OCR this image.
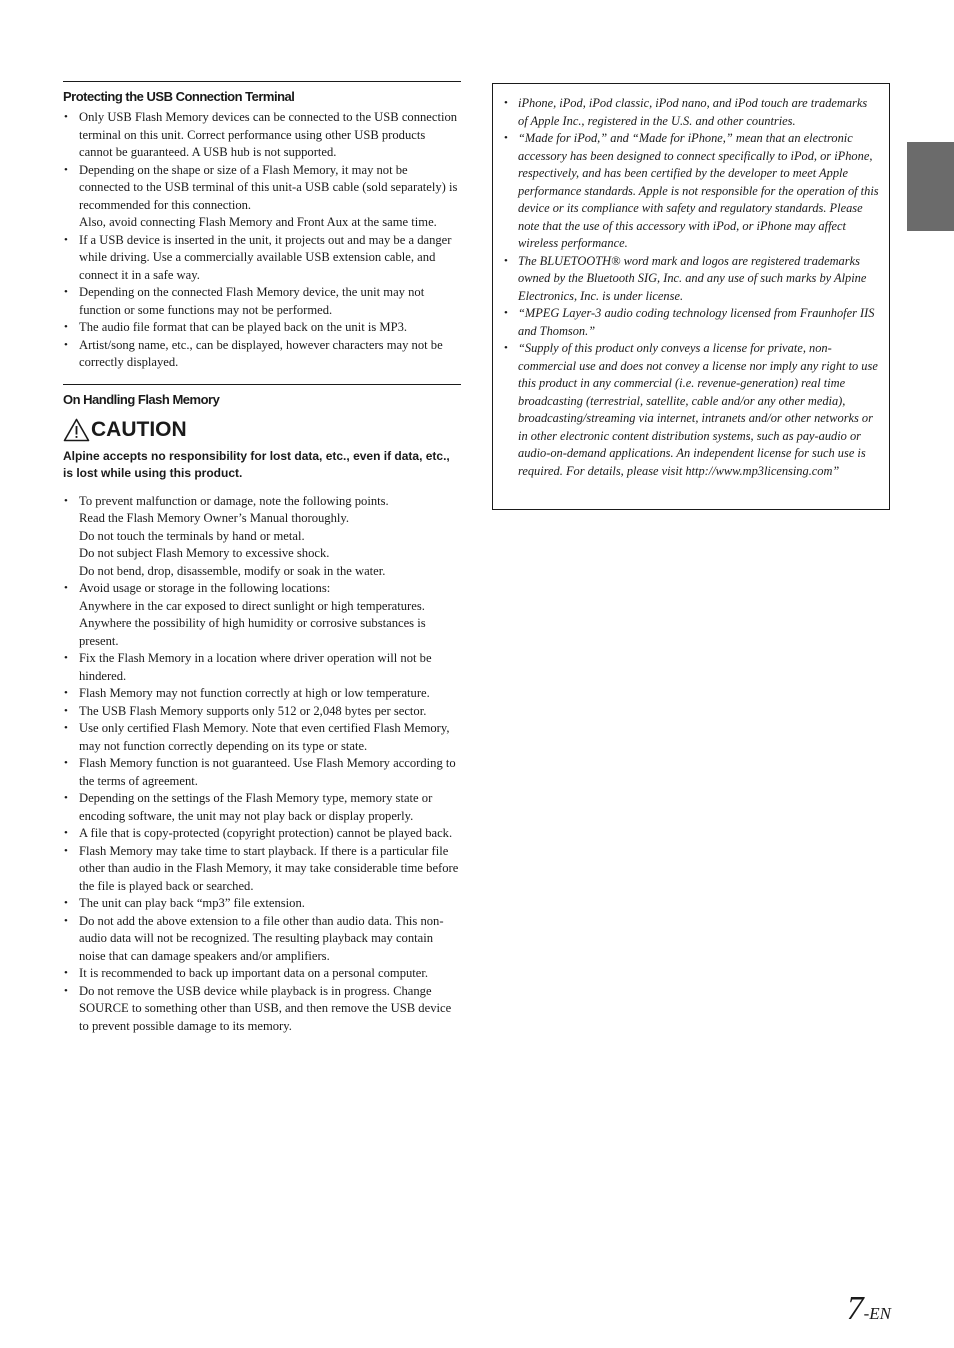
Protecting the USB Connection Terminal
• Only USB Flash Memory devices can be connected to the USB connection terminal on this unit. Correct performance using other USB products cannot be guaranteed. A USB hub is not supported.
• Depending on the shape or size of a Flash Memory, it may not be connected to the USB terminal of this unit-a USB cable (sold separately) is recommended for this connection.
Also, avoid connecting Flash Memory and Front Aux at the same time.
• If a USB device is inserted in the unit, it projects out and may be a danger while driving. Use a commercially available USB extension cable, and connect it in a safe way.
• Depending on the connected Flash Memory device, the unit may not function or some functions may not be performed.
• The audio file format that can be played back on the unit is MP3.
• Artist/song name, etc., can be displayed, however characters may not be correctly displayed.
On Handling Flash Memory
CAUTION
Alpine accepts no responsibility for lost data, etc., even if data, etc., is lost while using this product.
• To prevent malfunction or damage, note the following points.
Read the Flash Memory Owner’s Manual thoroughly.
Do not touch the terminals by hand or metal.
Do not subject Flash Memory to excessive shock.
Do not bend, drop, disassemble, modify or soak in the water.
• Avoid usage or storage in the following locations:
Anywhere in the car exposed to direct sunlight or high temperatures.
Anywhere the possibility of high humidity or corrosive substances is present.
• Fix the Flash Memory in a location where driver operation will not be hindered.
• Flash Memory may not function correctly at high or low temperature.
• The USB Flash Memory supports only 512 or 2,048 bytes per sector.
• Use only certified Flash Memory. Note that even certified Flash Memory, may not function correctly depending on its type or state.
• Flash Memory function is not guaranteed. Use Flash Memory according to the terms of agreement.
• Depending on the settings of the Flash Memory type, memory state or encoding software, the unit may not play back or display properly.
• A file that is copy-protected (copyright protection) cannot be played back.
• Flash Memory may take time to start playback. If there is a particular file other than audio in the Flash Memory, it may take considerable time before the file is played back or searched.
• The unit can play back “mp3” file extension.
• Do not add the above extension to a file other than audio data. This non-audio data will not be recognized. The resulting playback may contain noise that can damage speakers and/or amplifiers.
• It is recommended to back up important data on a personal computer.
• Do not remove the USB device while playback is in progress. Change SOURCE to something other than USB, and then remove the USB device to prevent possible damage to its memory.
• iPhone, iPod, iPod classic, iPod nano, and iPod touch are trademarks of Apple Inc., registered in the U.S. and other countries.
• “Made for iPod,” and “Made for iPhone,” mean that an electronic accessory has been designed to connect specifically to iPod, or iPhone, respectively, and has been certified by the developer to meet Apple performance standards. Apple is not responsible for the operation of this device or its compliance with safety and regulatory standards. Please note that the use of this accessory with iPod, or iPhone may affect wireless performance.
• The BLUETOOTH® word mark and logos are registered trademarks owned by the Bluetooth SIG, Inc. and any use of such marks by Alpine Electronics, Inc. is under license.
• “MPEG Layer-3 audio coding technology licensed from Fraunhofer IIS and Thomson.”
• “Supply of this product only conveys a license for private, non-commercial use and does not convey a license nor imply any right to use this product in any commercial (i.e. revenue-generation) real time broadcasting (terrestrial, satellite, cable and/or any other media), broadcasting/streaming via internet, intranets and/or other networks or in other electronic content distribution systems, such as pay-audio or audio-on-demand applications. An independent license for such use is required. For details, please visit http://www.mp3licensing.com”
7-EN
